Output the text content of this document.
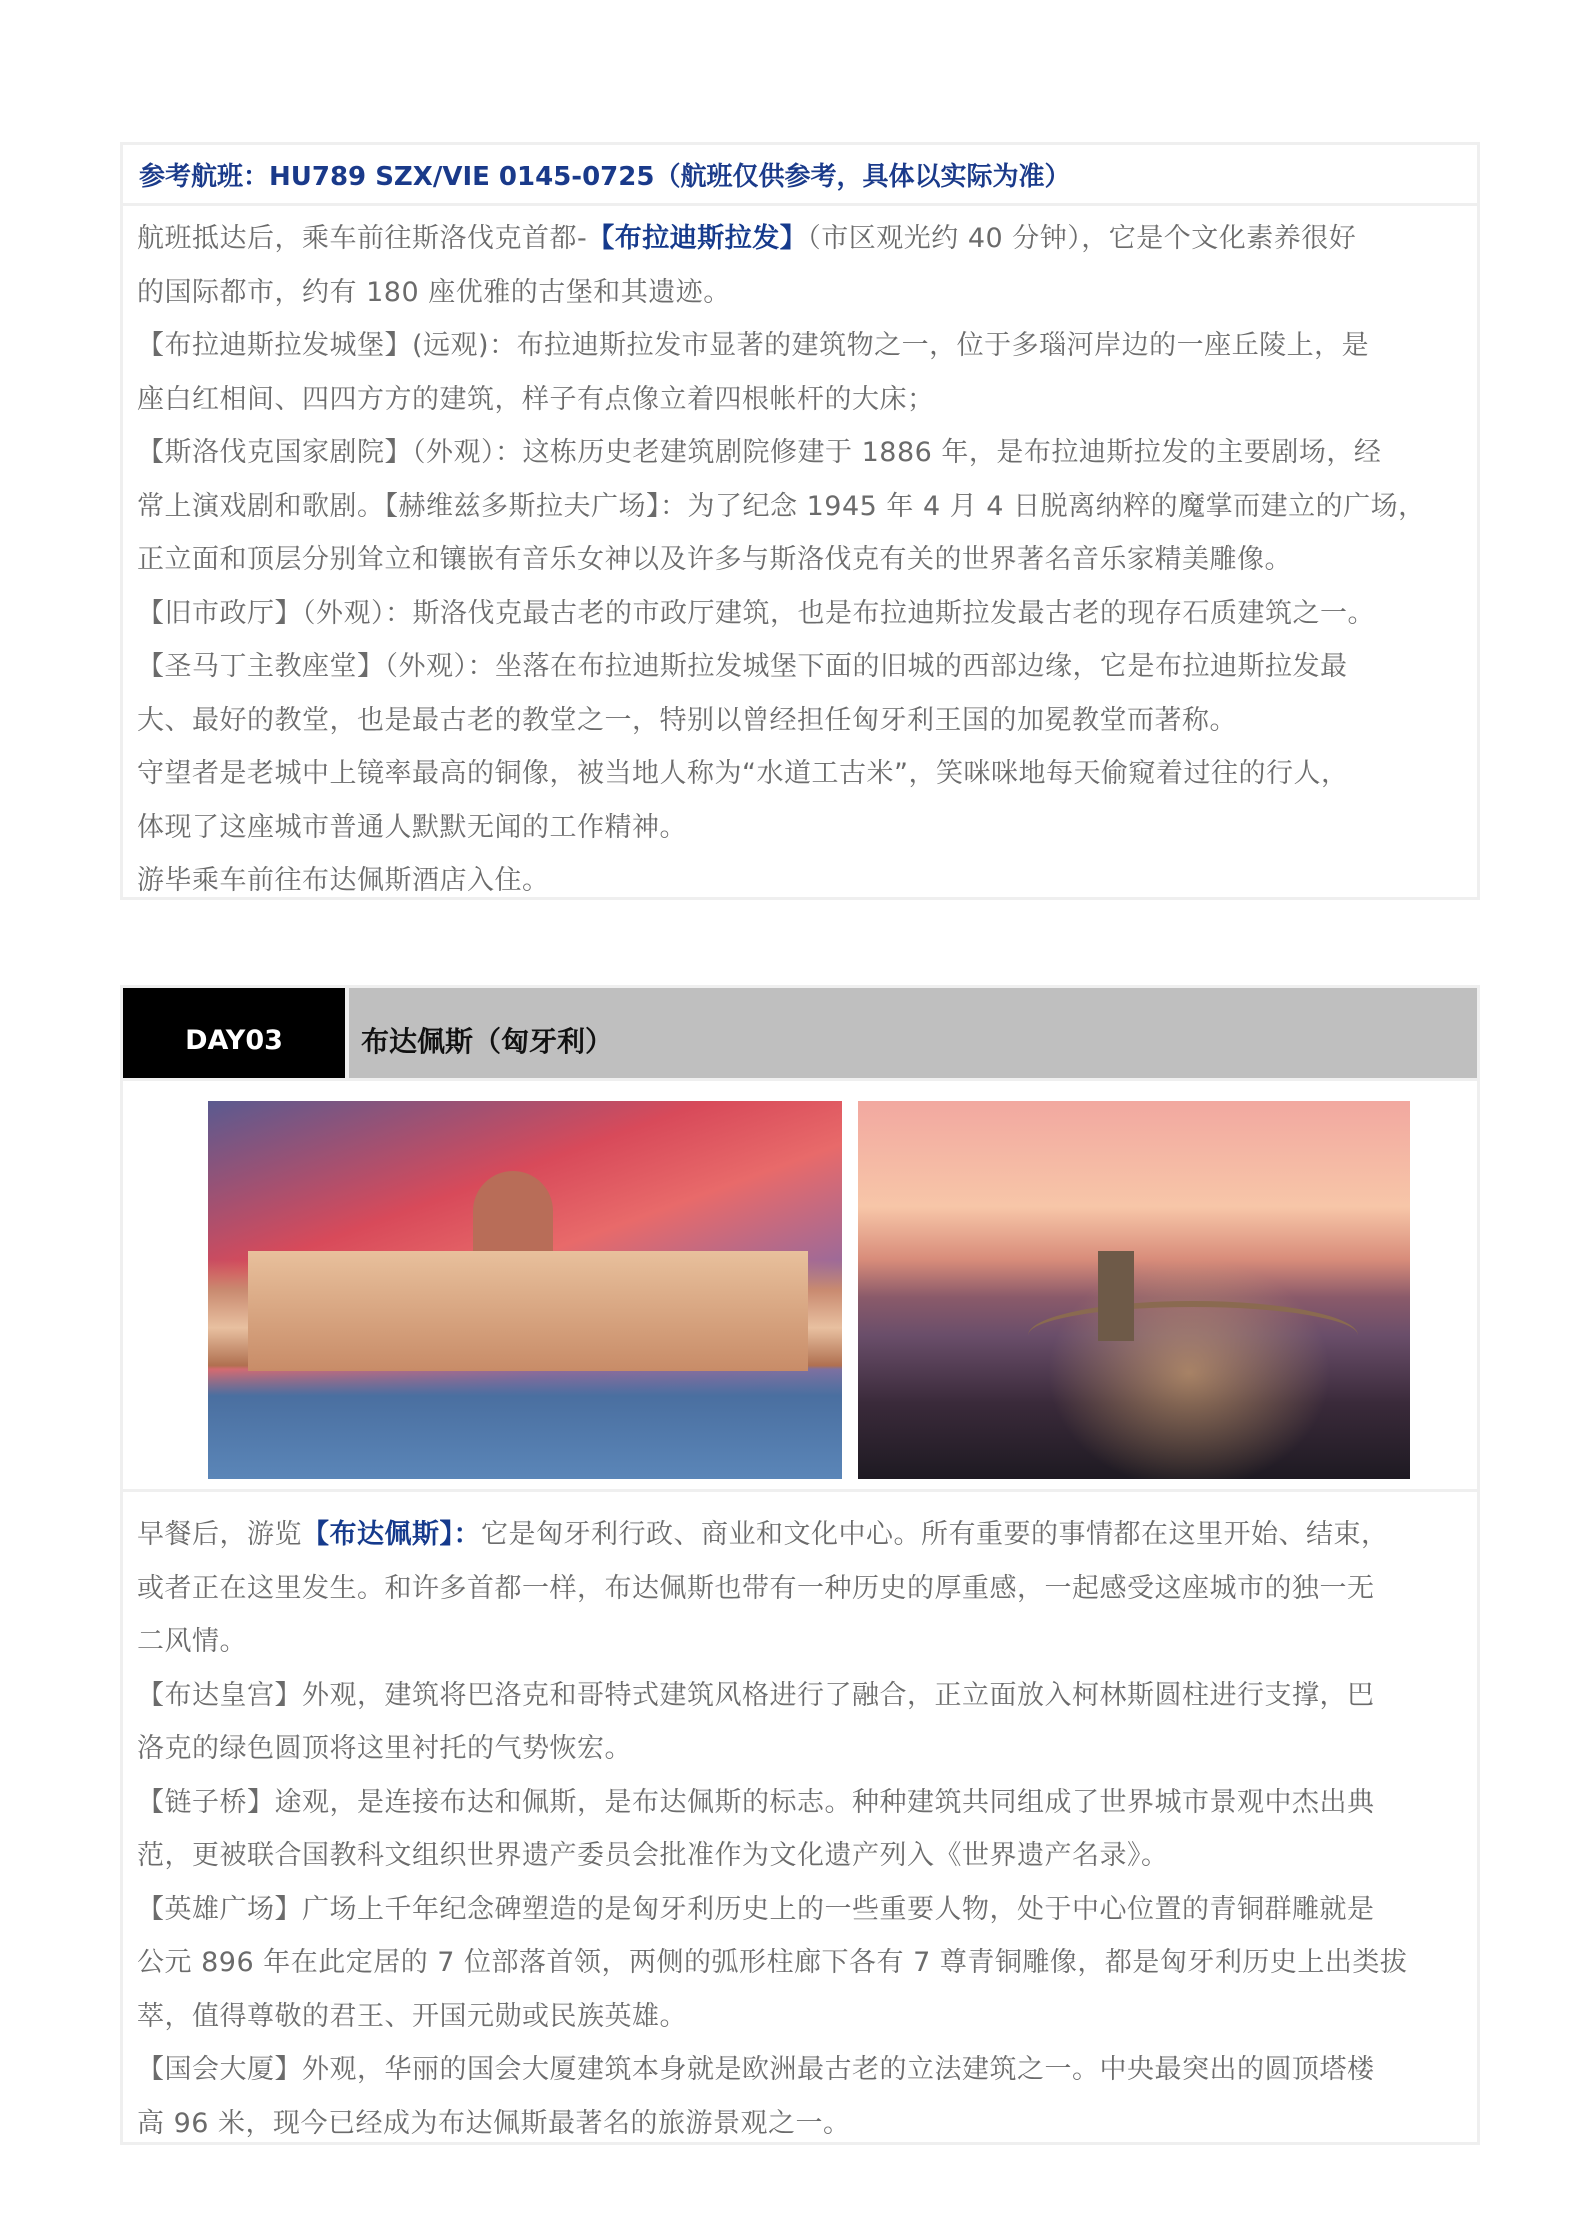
参考航班：HU789 SZX/VIE 0145-0725（航班仅供参考，具体以实际为准）
航班抵达后，乘车前往斯洛伐克首都-【布拉迪斯拉发】（市区观光约 40 分钟），它是个文化素养很好
的国际都市，约有 180 座优雅的古堡和其遗迹。
【布拉迪斯拉发城堡】(远观)：布拉迪斯拉发市显著的建筑物之一，位于多瑙河岸边的一座丘陵上，是
座白红相间、四四方方的建筑，样子有点像立着四根帐杆的大床；
【斯洛伐克国家剧院】（外观）：这栋历史老建筑剧院修建于 1886 年，是布拉迪斯拉发的主要剧场，经
常上演戏剧和歌剧。【赫维兹多斯拉夫广场】：为了纪念 1945 年 4 月 4 日脱离纳粹的魔掌而建立的广场，
正立面和顶层分别耸立和镶嵌有音乐女神以及许多与斯洛伐克有关的世界著名音乐家精美雕像。
【旧市政厅】（外观）：斯洛伐克最古老的市政厅建筑，也是布拉迪斯拉发最古老的现存石质建筑之一。
【圣马丁主教座堂】（外观）：坐落在布拉迪斯拉发城堡下面的旧城的西部边缘，它是布拉迪斯拉发最
大、最好的教堂，也是最古老的教堂之一，特别以曾经担任匈牙利王国的加冕教堂而著称。
守望者是老城中上镜率最高的铜像，被当地人称为“水道工古米”，笑咪咪地每天偷窥着过往的行人，
体现了这座城市普通人默默无闻的工作精神。
游毕乘车前往布达佩斯酒店入住。
DAY03	布达佩斯（匈牙利）
早餐后，游览【布达佩斯】：它是匈牙利行政、商业和文化中心。所有重要的事情都在这里开始、结束，
或者正在这里发生。和许多首都一样，布达佩斯也带有一种历史的厚重感，一起感受这座城市的独一无
二风情。
【布达皇宫】外观，建筑将巴洛克和哥特式建筑风格进行了融合，正立面放入柯林斯圆柱进行支撑，巴
洛克的绿色圆顶将这里衬托的气势恢宏。
【链子桥】途观，是连接布达和佩斯，是布达佩斯的标志。种种建筑共同组成了世界城市景观中杰出典
范，更被联合国教科文组织世界遗产委员会批准作为文化遗产列入《世界遗产名录》。
【英雄广场】广场上千年纪念碑塑造的是匈牙利历史上的一些重要人物，处于中心位置的青铜群雕就是
公元 896 年在此定居的 7 位部落首领，两侧的弧形柱廊下各有 7 尊青铜雕像，都是匈牙利历史上出类拔
萃，值得尊敬的君王、开国元勋或民族英雄。
【国会大厦】外观，华丽的国会大厦建筑本身就是欧洲最古老的立法建筑之一。中央最突出的圆顶塔楼
高 96 米，现今已经成为布达佩斯最著名的旅游景观之一。
